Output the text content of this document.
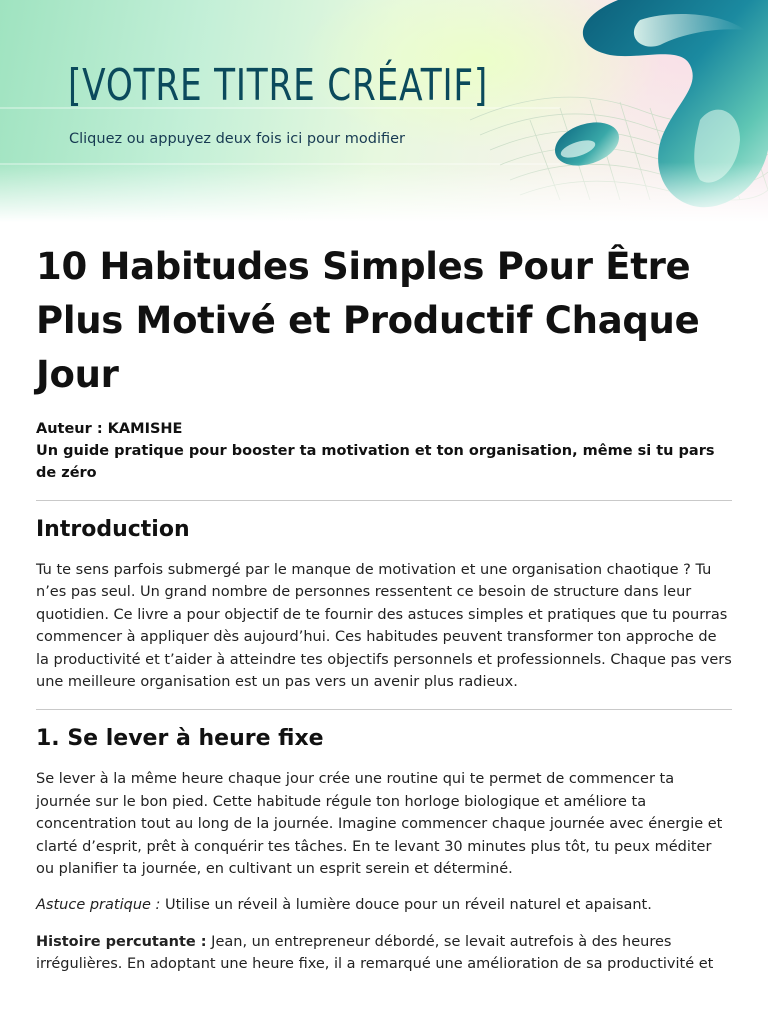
[VOTRE TITRE CRÉATIF]

Cliquez ou appuyez deux fois ici pour modifier

10 Habitudes Simples Pour Être Plus Motivé et Productif Chaque Jour

Auteur : KAMISHE

Un guide pratique pour booster ta motivation et ton organisation, même si tu pars de zéro

Introduction

Tu te sens parfois submergé par le manque de motivation et une organisation chaotique ? Tu n’es pas seul. Un grand nombre de personnes ressentent ce besoin de structure dans leur quotidien. Ce livre a pour objectif de te fournir des astuces simples et pratiques que tu pourras commencer à appliquer dès aujourd’hui. Ces habitudes peuvent transformer ton approche de la productivité et t’aider à atteindre tes objectifs personnels et professionnels. Chaque pas vers une meilleure organisation est un pas vers un avenir plus radieux.

1. Se lever à heure fixe

Se lever à la même heure chaque jour crée une routine qui te permet de commencer ta journée sur le bon pied. Cette habitude régule ton horloge biologique et améliore ta concentration tout au long de la journée. Imagine commencer chaque journée avec énergie et clarté d’esprit, prêt à conquérir tes tâches. En te levant 30 minutes plus tôt, tu peux méditer ou planifier ta journée, en cultivant un esprit serein et déterminé.

Astuce pratique : Utilise un réveil à lumière douce pour un réveil naturel et apaisant.

Histoire percutante : Jean, un entrepreneur débordé, se levait autrefois à des heures irrégulières. En adoptant une heure fixe, il a remarqué une amélioration de sa productivité et
